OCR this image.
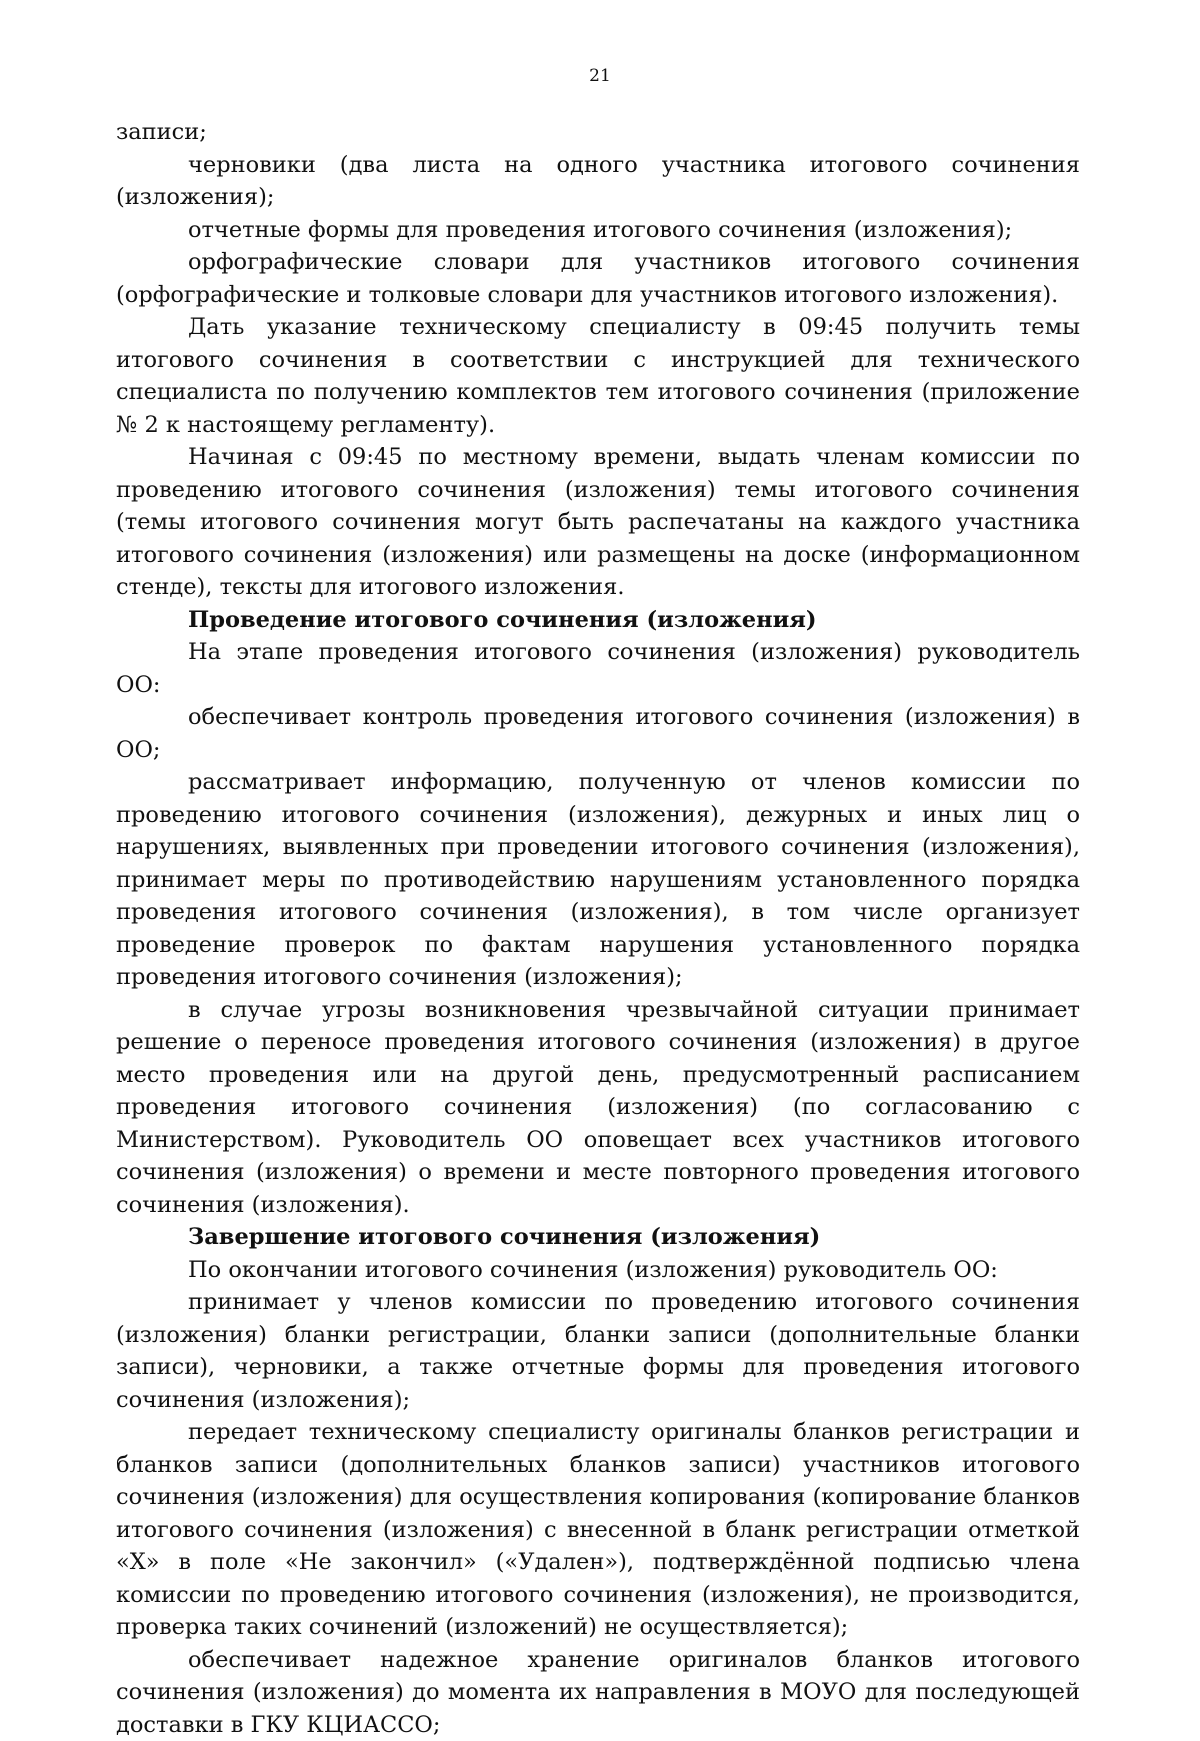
21

записи;

черновики (два листа на одного участника итогового сочинения (изложения);

отчетные формы для проведения итогового сочинения (изложения);

орфографические словари для участников итогового сочинения (орфографические и толковые словари для участников итогового изложения).

Дать указание техническому специалисту в 09:45 получить темы итогового сочинения в соответствии с инструкцией для технического специалиста по получению комплектов тем итогового сочинения (приложение № 2 к настоящему регламенту).

Начиная с 09:45 по местному времени, выдать членам комиссии по проведению итогового сочинения (изложения) темы итогового сочинения (темы итогового сочинения могут быть распечатаны на каждого участника итогового сочинения (изложения) или размещены на доске (информационном стенде), тексты для итогового изложения.

Проведение итогового сочинения (изложения)

На этапе проведения итогового сочинения (изложения) руководитель ОО:

обеспечивает контроль проведения итогового сочинения (изложения) в ОО;

рассматривает информацию, полученную от членов комиссии по проведению итогового сочинения (изложения), дежурных и иных лиц о нарушениях, выявленных при проведении итогового сочинения (изложения), принимает меры по противодействию нарушениям установленного порядка проведения итогового сочинения (изложения), в том числе организует проведение проверок по фактам нарушения установленного порядка проведения итогового сочинения (изложения);

в случае угрозы возникновения чрезвычайной ситуации принимает решение о переносе проведения итогового сочинения (изложения) в другое место проведения или на другой день, предусмотренный расписанием проведения итогового сочинения (изложения) (по согласованию с Министерством). Руководитель ОО оповещает всех участников итогового сочинения (изложения) о времени и месте повторного проведения итогового сочинения (изложения).

Завершение итогового сочинения (изложения)

По окончании итогового сочинения (изложения) руководитель ОО:

принимает у членов комиссии по проведению итогового сочинения (изложения) бланки регистрации, бланки записи (дополнительные бланки записи), черновики, а также отчетные формы для проведения итогового сочинения (изложения);

передает техническому специалисту оригиналы бланков регистрации и бланков записи (дополнительных бланков записи) участников итогового сочинения (изложения) для осуществления копирования (копирование бланков итогового сочинения (изложения) с внесенной в бланк регистрации отметкой «Х» в поле «Не закончил» («Удален»), подтверждённой подписью члена комиссии по проведению итогового сочинения (изложения), не производится, проверка таких сочинений (изложений) не осуществляется);

обеспечивает надежное хранение оригиналов бланков итогового сочинения (изложения) до момента их направления в МОУО для последующей доставки в ГКУ КЦИАССО;
